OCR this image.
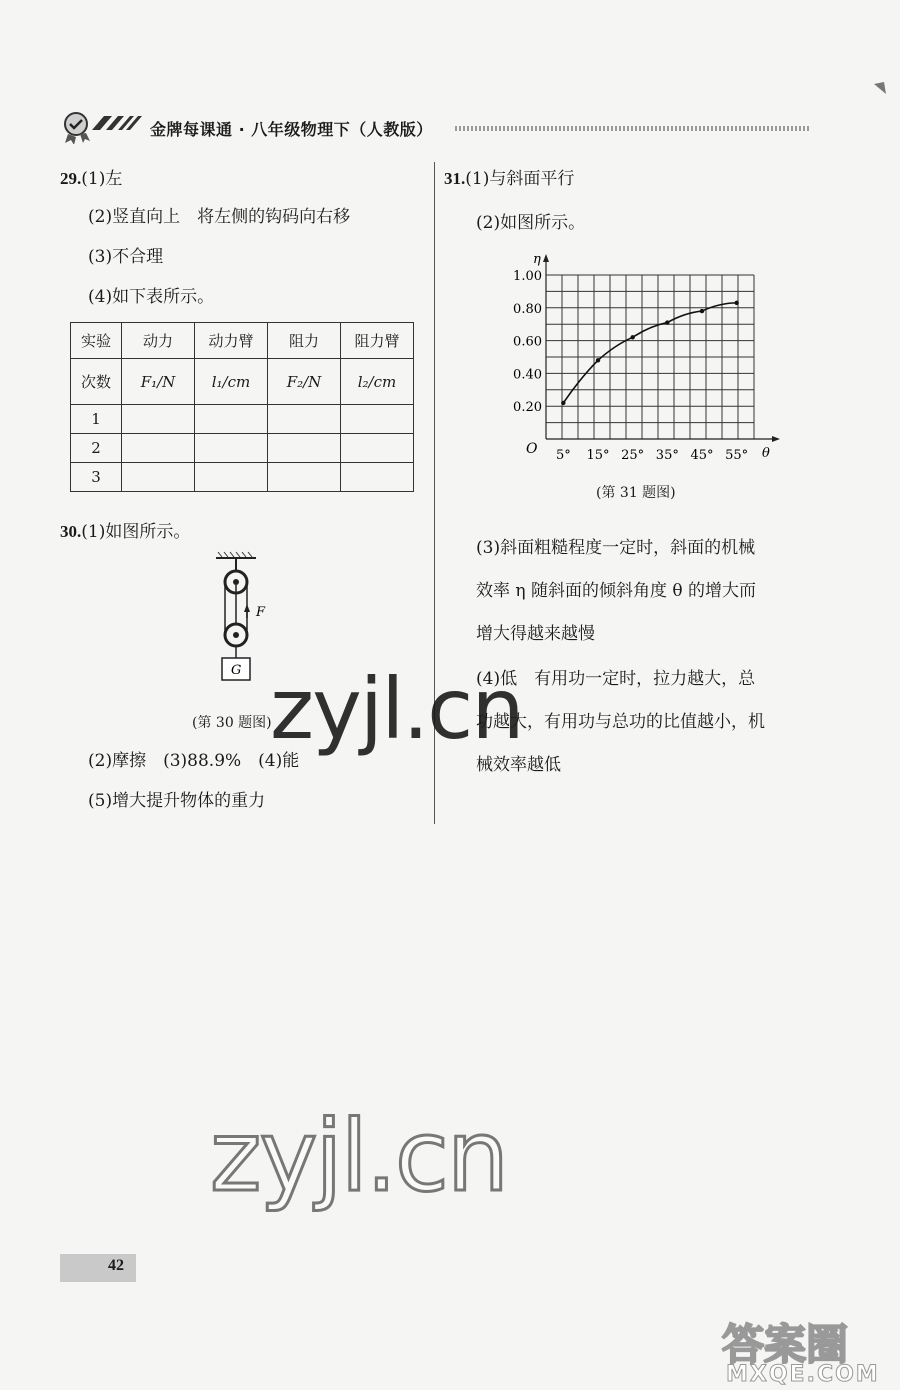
金牌每课通 · 八年级物理下（人教版）
29.(1)左
(2)竖直向上　将左侧的钩码向右移
(3)不合理
(4)如下表所示。
实验	动力	动力臂	阻力	阻力臂
次数	F₁/N	l₁/cm	F₂/N	l₂/cm
1				
2				
3				
30.(1)如图所示。
F
G
(第 30 题图)
(2)摩擦　(3)88.9%　(4)能
(5)增大提升物体的重力
31.(1)与斜面平行
(2)如图所示。
η
θ
O 5° 15° 25° 35° 45° 55°
0.20
0.40
0.60
0.80
1.00
(第 31 题图)
(3)斜面粗糙程度一定时，斜面的机械
效率 η 随斜面的倾斜角度 θ 的增大而
增大得越来越慢
(4)低　有用功一定时，拉力越大，总
功越大，有用功与总功的比值越小，机
械效率越低
zyjl.cn
zyjl.cn
答案圈
MXQE.COM
42
